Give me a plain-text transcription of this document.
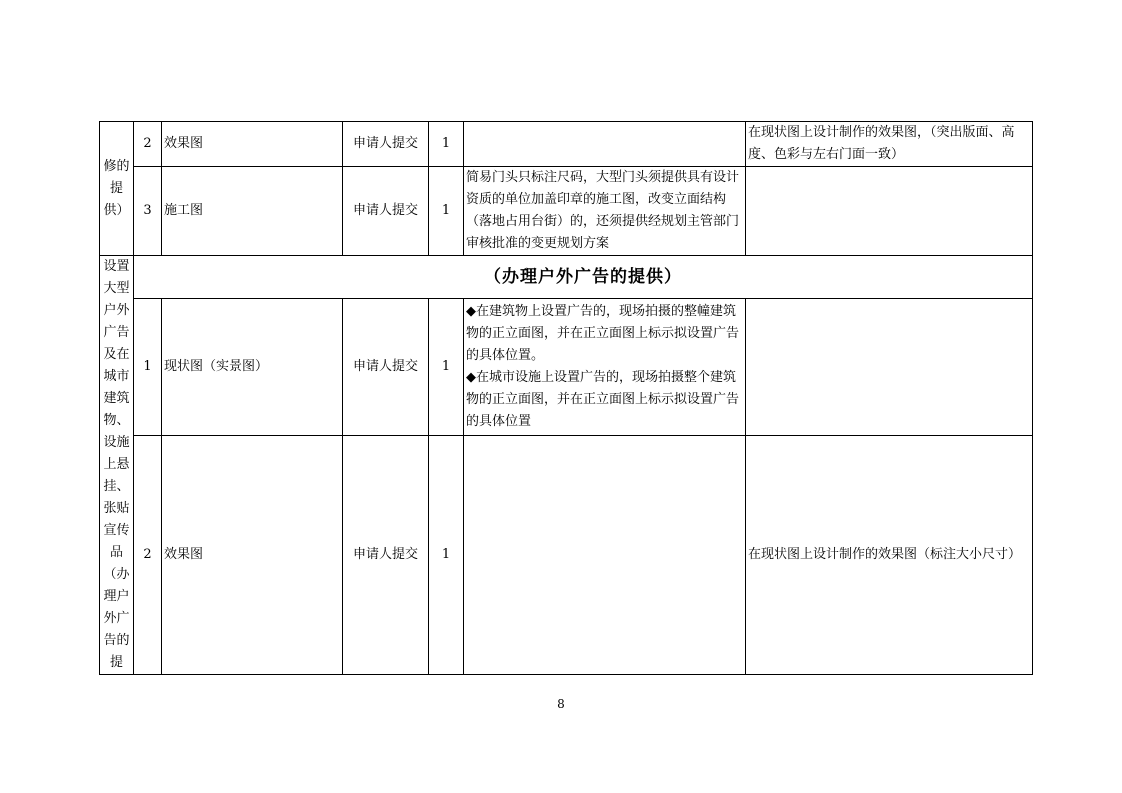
修的提供）	2	效果图	申请人提交	1		在现状图上设计制作的效果图，（突出版面、高度、色彩与左右门面一致）
	3	施工图	申请人提交	1	简易门头只标注尺码，大型门头须提供具有设计资质的单位加盖印章的施工图，改变立面结构（落地占用台街）的，还须提供经规划主管部门审核批准的变更规划方案	
设置大型户外广告及在城市建筑物、设施上悬挂、张贴宣传品（办理户外广告的提	（办理户外广告的提供）					
	1	现状图（实景图）	申请人提交	1	◆在建筑物上设置广告的，现场拍摄的整幢建筑物的正立面图，并在正立面图上标示拟设置广告的具体位置。
◆在城市设施上设置广告的，现场拍摄整个建筑物的正立面图，并在正立面图上标示拟设置广告的具体位置	

	2	效果图	申请人提交	1		在现状图上设计制作的效果图（标注大小尺寸）
8
